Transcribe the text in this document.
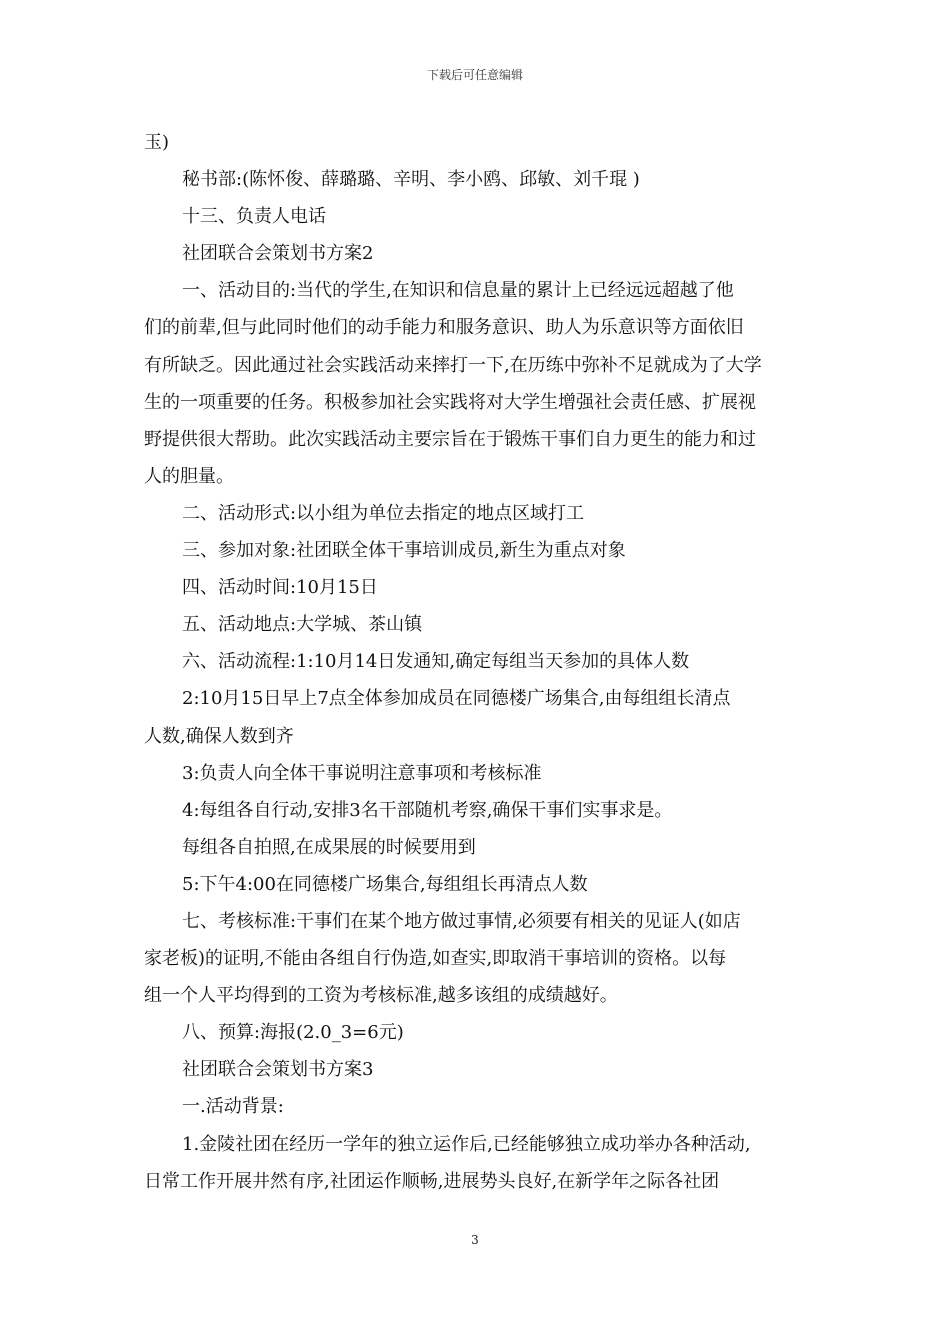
下载后可任意编辑
玉)
秘书部:(陈怀俊、薛璐璐、辛明、李小鸥、邱敏、刘千琨 )
十三、负责人电话
社团联合会策划书方案2
一、活动目的:当代的学生,在知识和信息量的累计上已经远远超越了他
们的前辈,但与此同时他们的动手能力和服务意识、助人为乐意识等方面依旧
有所缺乏。因此通过社会实践活动来摔打一下,在历练中弥补不足就成为了大学
生的一项重要的任务。积极参加社会实践将对大学生增强社会责任感、扩展视
野提供很大帮助。此次实践活动主要宗旨在于锻炼干事们自力更生的能力和过
人的胆量。
二、活动形式:以小组为单位去指定的地点区域打工
三、参加对象:社团联全体干事培训成员,新生为重点对象
四、活动时间:10月15日
五、活动地点:大学城、茶山镇
六、活动流程:1:10月14日发通知,确定每组当天参加的具体人数
2:10月15日早上7点全体参加成员在同德楼广场集合,由每组组长清点
人数,确保人数到齐
3:负责人向全体干事说明注意事项和考核标准
4:每组各自行动,安排3名干部随机考察,确保干事们实事求是。
每组各自拍照,在成果展的时候要用到
5:下午4:00在同德楼广场集合,每组组长再清点人数
七、考核标准:干事们在某个地方做过事情,必须要有相关的见证人(如店
家老板)的证明,不能由各组自行伪造,如查实,即取消干事培训的资格。以每
组一个人平均得到的工资为考核标准,越多该组的成绩越好。
八、预算:海报(2.0_3=6元)
社团联合会策划书方案3
一.活动背景:
1.金陵社团在经历一学年的独立运作后,已经能够独立成功举办各种活动,
日常工作开展井然有序,社团运作顺畅,进展势头良好,在新学年之际各社团
3
